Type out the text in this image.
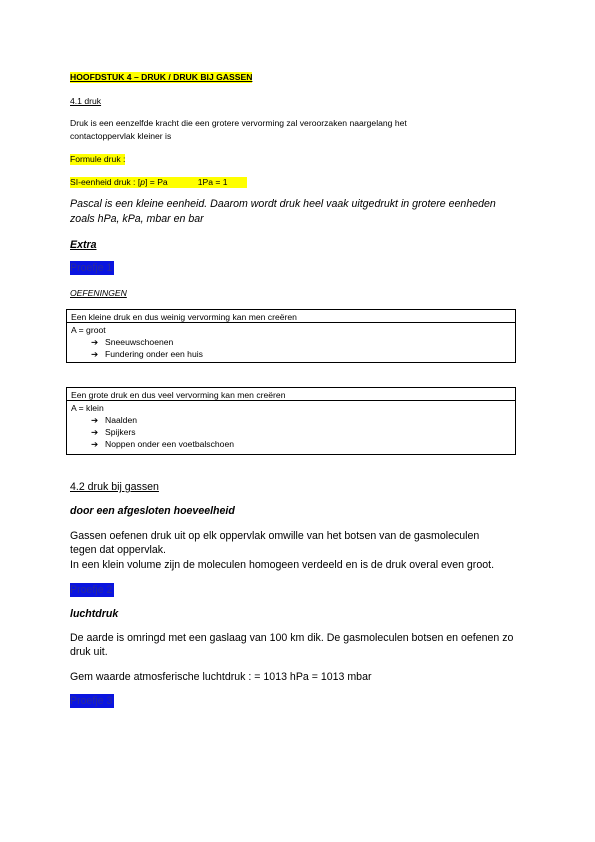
HOOFDSTUK 4 – DRUK / DRUK BIJ GASSEN
4.1 druk
Druk is een eenzelfde kracht die een grotere vervorming zal veroorzaken naargelang het
contactoppervlak kleiner is
Formule druk :
SI-eenheid druk : [p] = Pa	1Pa = 1
Pascal is een kleine eenheid. Daarom wordt druk heel vaak uitgedrukt in grotere eenheden
zoals hPa, kPa, mbar en bar
Extra
Proefje 1
OEFENINGEN
Een kleine druk en dus weinig vervorming kan men creëren
A = groot
➔ Sneeuwschoenen
➔ Fundering onder een huis
Een grote druk en dus veel vervorming kan men creëren
A = klein
➔ Naalden
➔ Spijkers
➔ Noppen onder een voetbalschoen
4.2 druk bij gassen
door een afgesloten hoeveelheid
Gassen oefenen druk uit op elk oppervlak omwille van het botsen van de gasmoleculen
tegen dat oppervlak.
In een klein volume zijn de moleculen homogeen verdeeld en is de druk overal even groot.
Proefje 2
luchtdruk
De aarde is omringd met een gaslaag van 100 km dik. De gasmoleculen botsen en oefenen zo
druk uit.
Gem waarde atmosferische luchtdruk : = 1013 hPa = 1013 mbar
Proefje 3
